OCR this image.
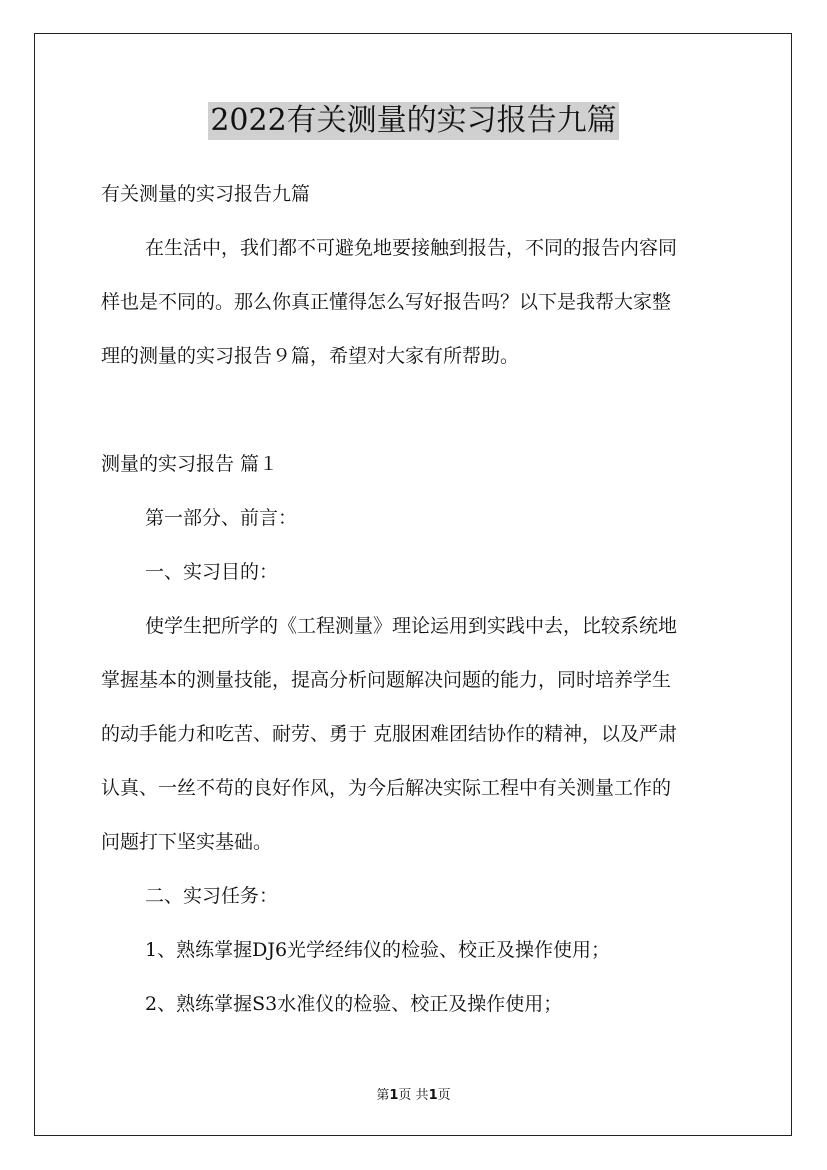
2022有关测量的实习报告九篇
有关测量的实习报告九篇
在生活中，我们都不可避免地要接触到报告，不同的报告内容同
样也是不同的。那么你真正懂得怎么写好报告吗？以下是我帮大家整
理的测量的实习报告９篇，希望对大家有所帮助。
测量的实习报告 篇１
第一部分、前言：
一、实习目的：
使学生把所学的《工程测量》理论运用到实践中去，比较系统地
掌握基本的测量技能，提高分析问题解决问题的能力，同时培养学生
的动手能力和吃苦、耐劳、勇于 克服困难团结协作的精神，以及严肃
认真、一丝不苟的良好作风，为今后解决实际工程中有关测量工作的
问题打下坚实基础。
二、实习任务：
1、熟练掌握DJ6光学经纬仪的检验、校正及操作使用；
2、熟练掌握S3水准仪的检验、校正及操作使用；
第1页 共1页
